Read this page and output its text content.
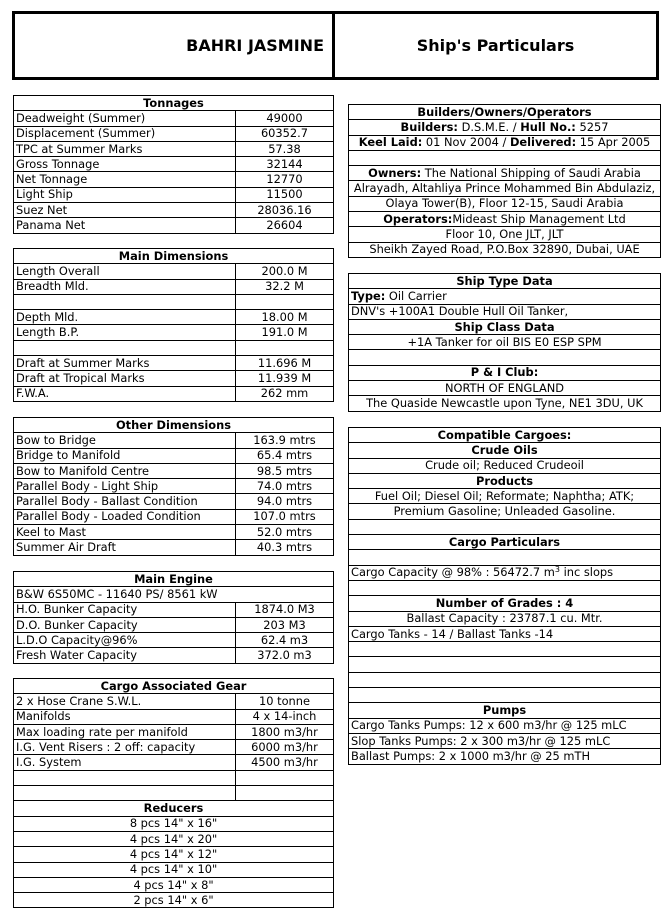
BAHRI JASMINE	Ship's Particulars
Tonnages	
Deadweight (Summer)	49000
Displacement (Summer)	60352.7
TPC at Summer Marks	57.38
Gross Tonnage	32144
Net Tonnage	12770
Light Ship	11500
Suez Net	28036.16
Panama Net	26604
Main Dimensions	
Length Overall	200.0 M
Breadth Mld.	32.2 M

Depth Mld.	18.00 M
Length B.P.	191.0 M

Draft at Summer Marks	11.696 M
Draft at Tropical Marks	11.939 M
F.W.A.	262 mm
Other Dimensions	
Bow to Bridge	163.9 mtrs
Bridge to Manifold	65.4 mtrs
Bow to Manifold Centre	98.5 mtrs
Parallel Body - Light Ship	74.0 mtrs
Parallel Body - Ballast Condition	94.0 mtrs
Parallel Body - Loaded Condition	107.0 mtrs
Keel to Mast	52.0 mtrs
Summer Air Draft	40.3 mtrs
Main Engine	
B&W 6S50MC - 11640 PS/ 8561 kW	
H.O. Bunker Capacity	1874.0 M3
D.O. Bunker Capacity	203 M3
L.D.O Capacity@96%	62.4 m3
Fresh Water Capacity	372.0 m3
Cargo Associated Gear	
2 x Hose Crane S.W.L.	10 tonne
Manifolds	4 x 14-inch
Max loading rate per manifold	1800 m3/hr
I.G. Vent Risers : 2 off: capacity	6000 m3/hr
I.G. System	4500 m3/hr

Reducers	
8 pcs 14" x 16"	
4 pcs 14" x 20"	
4 pcs 14" x 12"	
4 pcs 14" x 10"	
4 pcs 14" x 8"	
2 pcs 14" x 6"	
Builders/Owners/Operators
Builders: D.S.M.E. / Hull No.: 5257
Keel Laid: 01 Nov 2004 / Delivered: 15 Apr 2005

Owners: The National Shipping of Saudi Arabia
Alrayadh, Altahliya Prince Mohammed Bin Abdulaziz,
Olaya Tower(B), Floor 12-15, Saudi Arabia
Operators:Mideast Ship Management Ltd
Floor 10, One JLT, JLT
Sheikh Zayed Road, P.O.Box 32890, Dubai, UAE
Ship Type Data
Type: Oil Carrier
DNV's +100A1 Double Hull Oil Tanker,
Ship Class Data
+1A Tanker for oil BIS E0 ESP SPM

P & I Club:
NORTH OF ENGLAND
The Quaside Newcastle upon Tyne, NE1 3DU, UK
Compatible Cargoes:
Crude Oils
Crude oil; Reduced Crudeoil
Products
Fuel Oil; Diesel Oil; Reformate; Naphtha; ATK;
Premium Gasoline; Unleaded Gasoline.

Cargo Particulars

Cargo Capacity @ 98% : 56472.7 $m^3$ inc slops

Number of Grades : 4
Ballast Capacity : 23787.1 cu. Mtr.
Cargo Tanks - 14 / Ballast Tanks -14

Pumps
Cargo Tanks Pumps: 12 x 600 m3/hr @ 125 mLC
Slop Tanks Pumps: 2 x 300 m3/hr @ 125 mLC
Ballast Pumps: 2 x 1000 m3/hr @ 25 mTH
